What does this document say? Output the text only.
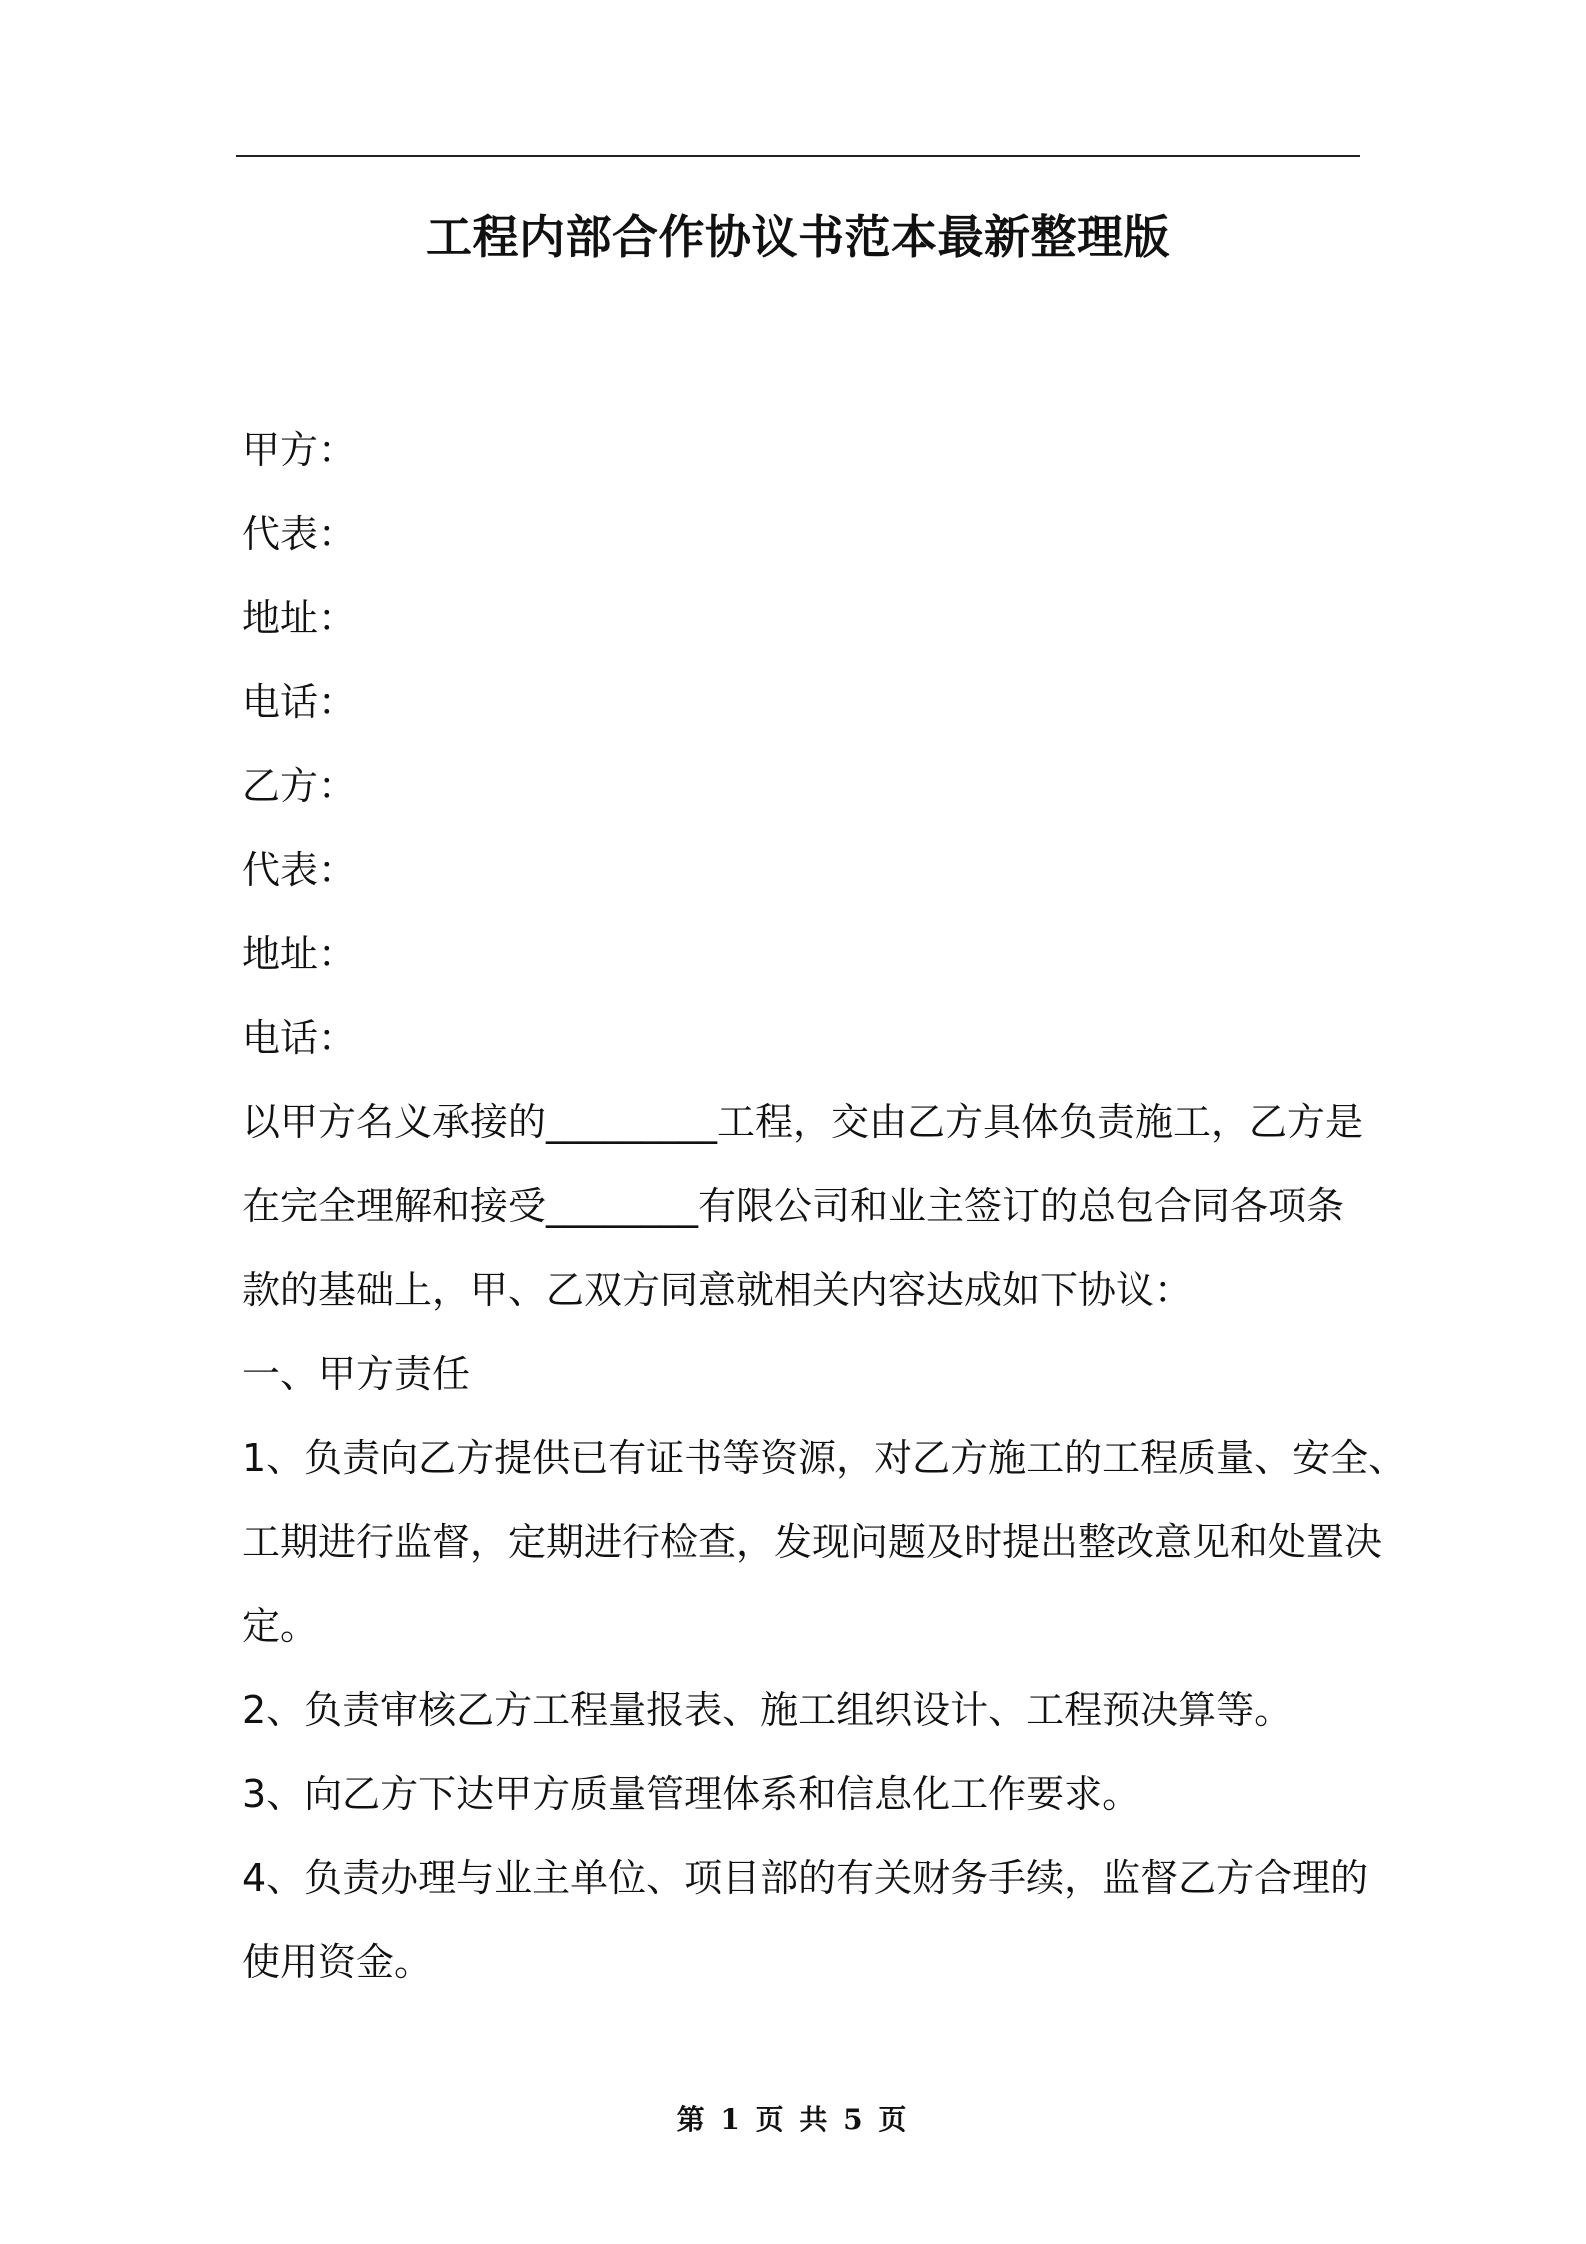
工程内部合作协议书范本最新整理版
甲方：
代表：
地址：
电话：
乙方：
代表：
地址：
电话：
以甲方名义承接的_________工程，交由乙方具体负责施工，乙方是
在完全理解和接受________有限公司和业主签订的总包合同各项条
款的基础上，甲、乙双方同意就相关内容达成如下协议：
一、甲方责任
1、负责向乙方提供已有证书等资源，对乙方施工的工程质量、安全、
工期进行监督，定期进行检查，发现问题及时提出整改意见和处置决
定。
2、负责审核乙方工程量报表、施工组织设计、工程预决算等。
3、向乙方下达甲方质量管理体系和信息化工作要求。
4、负责办理与业主单位、项目部的有关财务手续，监督乙方合理的
使用资金。
第 1 页 共 5 页
